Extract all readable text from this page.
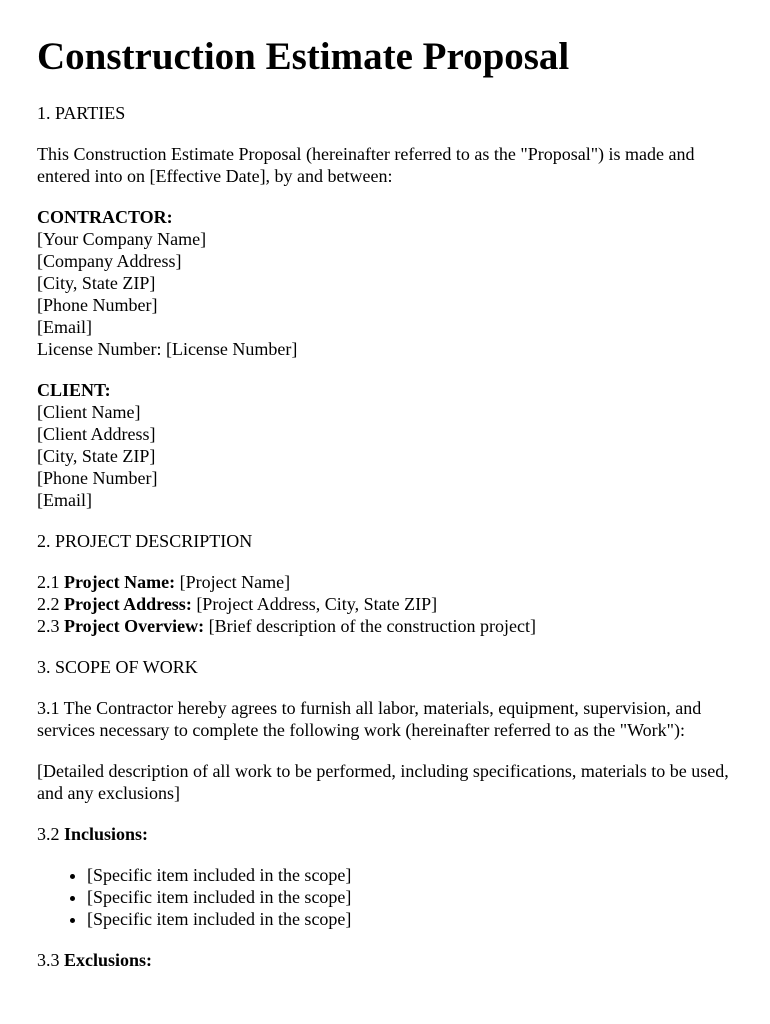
Construction Estimate Proposal
1. PARTIES

This Construction Estimate Proposal (hereinafter referred to as the "Proposal") is made and entered into on [Effective Date], by and between:

CONTRACTOR:
[Your Company Name]
[Company Address]
[City, State ZIP]
[Phone Number]
[Email]
License Number: [License Number]
CLIENT:
[Client Name]
[Client Address]
[City, State ZIP]
[Phone Number]
[Email]
2. PROJECT DESCRIPTION
2.1 Project Name: [Project Name]
2.2 Project Address: [Project Address, City, State ZIP]
2.3 Project Overview: [Brief description of the construction project]
3. SCOPE OF WORK

3.1 The Contractor hereby agrees to furnish all labor, materials, equipment, supervision, and services necessary to complete the following work (hereinafter referred to as the "Work"):

[Detailed description of all work to be performed, including specifications, materials to be used, and any exclusions]

3.2 Inclusions:

• [Specific item included in the scope]
• [Specific item included in the scope]
• [Specific item included in the scope]

3.3 Exclusions:
